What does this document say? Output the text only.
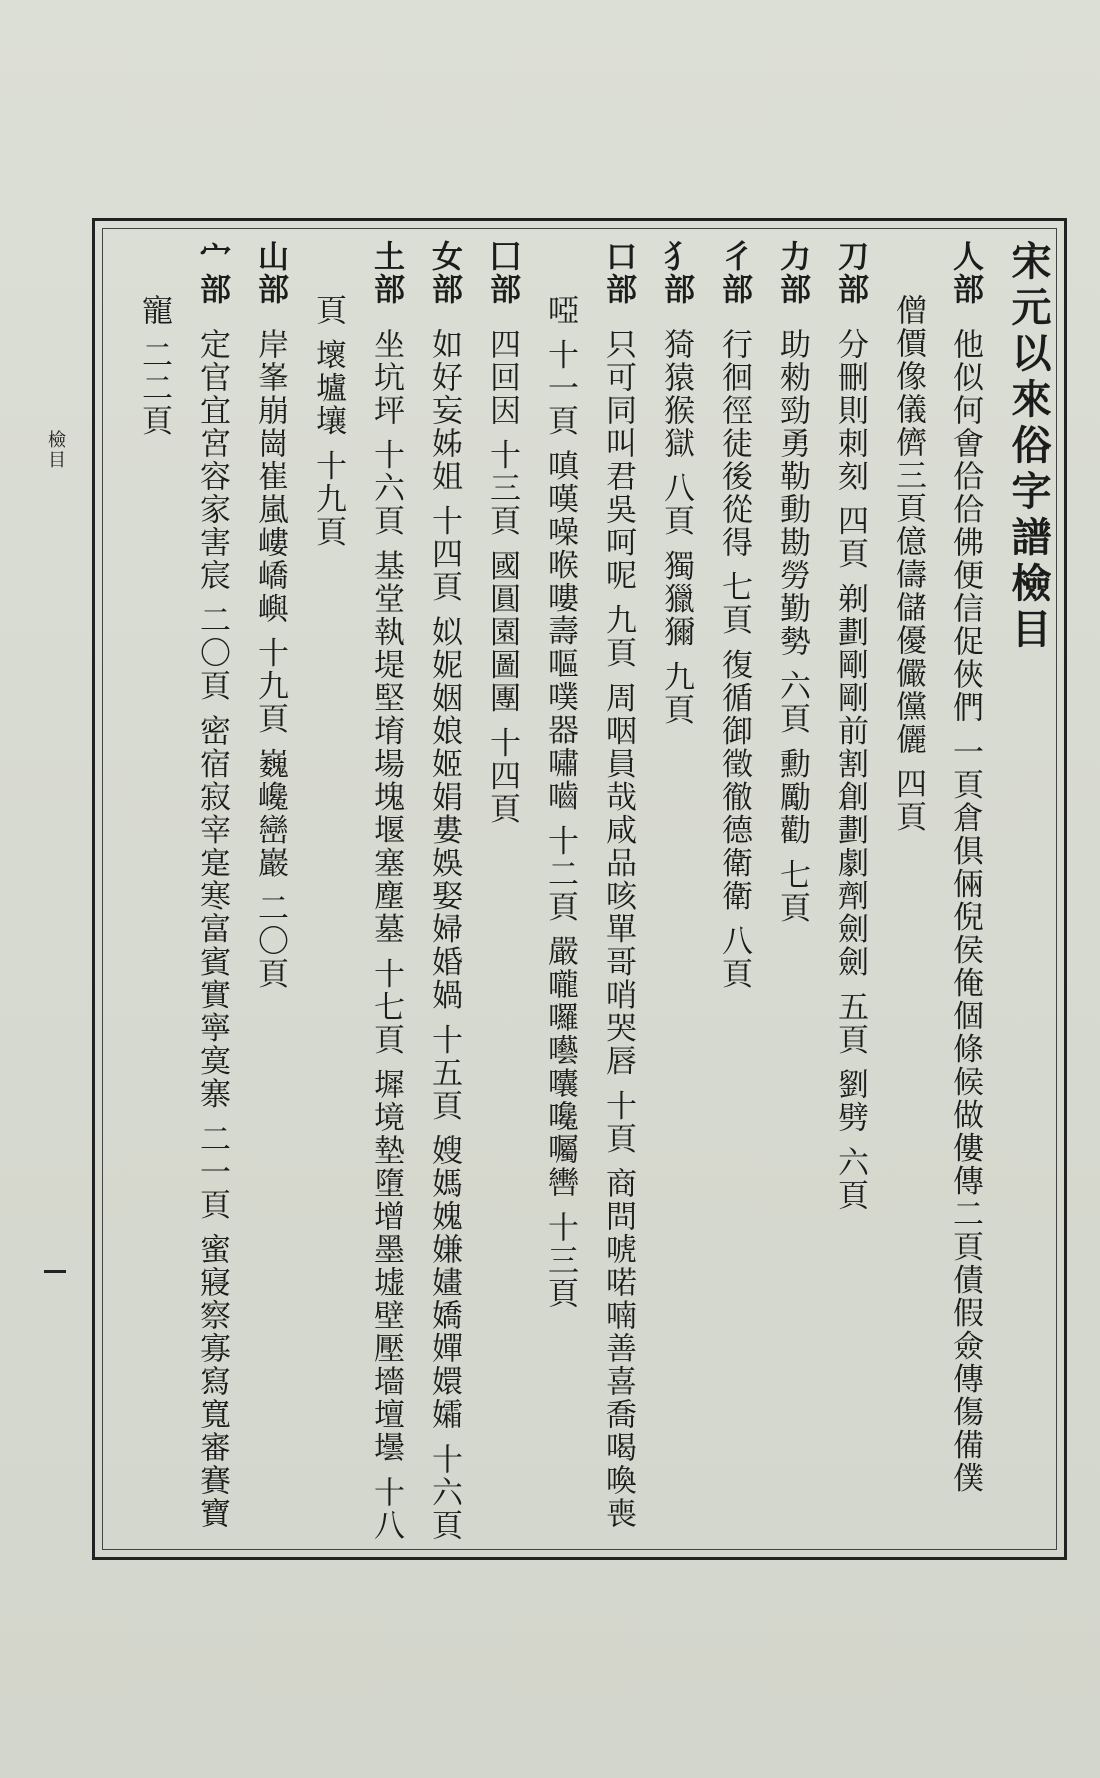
宋元以來俗字譜檢目
人部他似何㑹佮佮佛便信促俠們 一頁倉俱倆倪侯俺個條候做僂傳二頁債假僉傳傷備僕
僧價像儀儕三頁億儔儲優儼儻儷 四頁
刀部分刪則刺刻 四頁 剃劃剛剛前割創劃劇劑劍劍 五頁 劉劈 六頁
力部助勑勁勇勒動勘勞勤勢 六頁 勳勵勸 七頁
彳部行徊徑徒後從得 七頁 復循御徵徹德衛衛 八頁
犭部猗猿猴獄 八頁 獨獵獮 九頁
口部只可同叫君吳呵呢 九頁 周咽員哉咸品咳單哥哨哭唇 十頁 商問唬喏喃善喜喬喝喚喪
啞 十一頁 嗔嘆噪喉嘍壽嘔噗器嘯嚙 十二頁 嚴嚨囉囈囔嚵囑轡 十三頁
囗部四回因 十三頁 國圓園圖團 十四頁
女部如好妄姊姐 十四頁 姒妮姻娘姬娟婁娛娶婦婚媧 十五頁 嫂媽媿嫌嫿嬌嬋嬛孀 十六頁
土部坐坑坪 十六頁 基堂執堤堅堉場塊堰塞塵墓 十七頁 墀境墊墮增墨墟壁壓墻壇壜 十八
頁 壞壚壤 十九頁
山部岸峯崩崗崔嵐嶁嶠嶼 十九頁 巍巉巒巖 二〇頁
宀部定官宜宮容家害宸 二〇頁 密宿寂宰寔寒富賓實寧寞寨 二一頁 蜜寢察寡寫寬審賽寶
寵 二二頁
檢目
